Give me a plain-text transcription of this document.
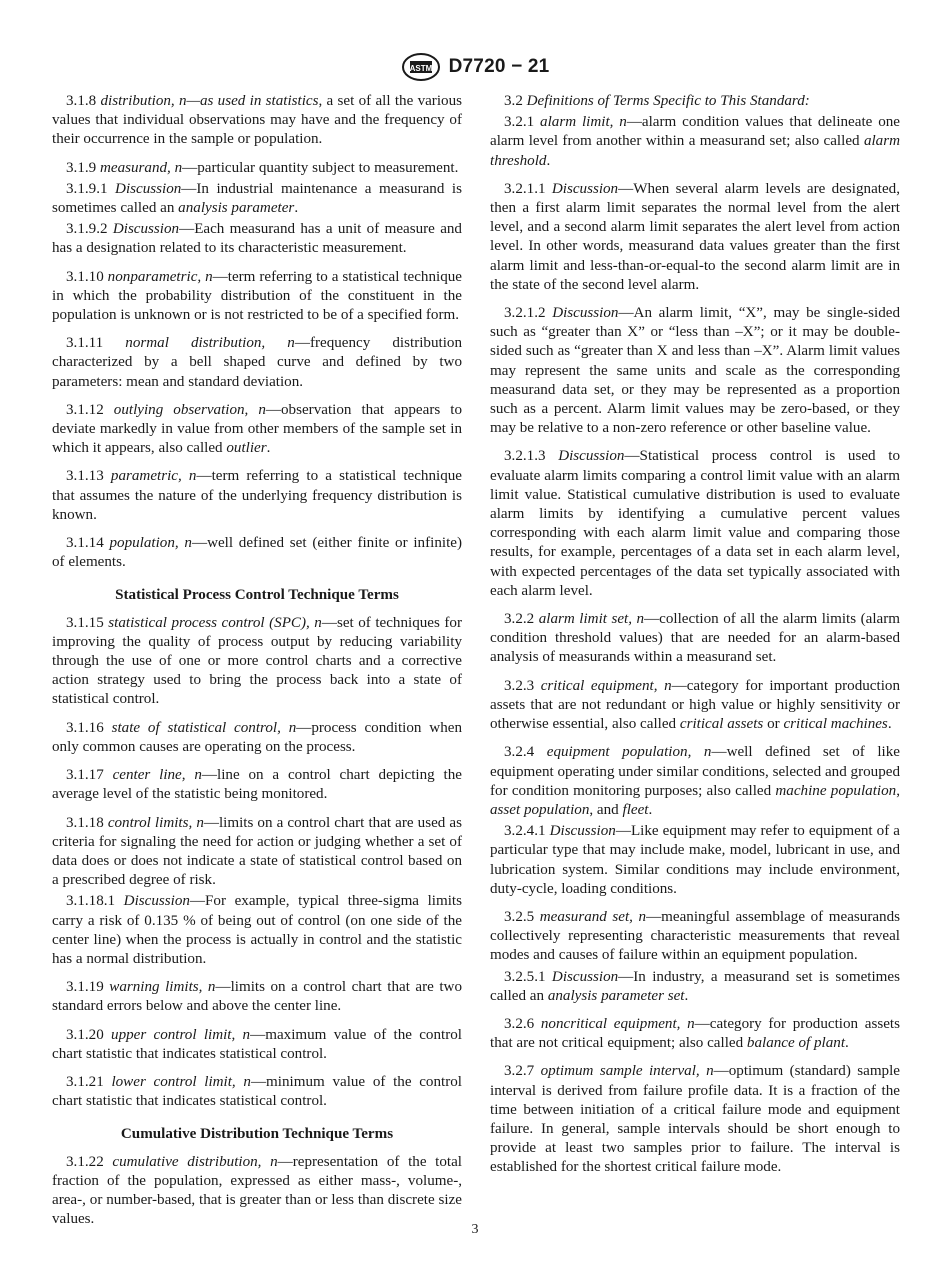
ASTM D7720 − 21

3.1.8 distribution, n—as used in statistics, a set of all the various values that individual observations may have and the frequency of their occurrence in the sample or population.

3.1.9 measurand, n—particular quantity subject to measurement.

3.1.9.1 Discussion—In industrial maintenance a measurand is sometimes called an analysis parameter.

3.1.9.2 Discussion—Each measurand has a unit of measure and has a designation related to its characteristic measurement.

3.1.10 nonparametric, n—term referring to a statistical technique in which the probability distribution of the constituent in the population is unknown or is not restricted to be of a specified form.

3.1.11 normal distribution, n—frequency distribution characterized by a bell shaped curve and defined by two parameters: mean and standard deviation.

3.1.12 outlying observation, n—observation that appears to deviate markedly in value from other members of the sample set in which it appears, also called outlier.

3.1.13 parametric, n—term referring to a statistical technique that assumes the nature of the underlying frequency distribution is known.

3.1.14 population, n—well defined set (either finite or infinite) of elements.

Statistical Process Control Technique Terms

3.1.15 statistical process control (SPC), n—set of techniques for improving the quality of process output by reducing variability through the use of one or more control charts and a corrective action strategy used to bring the process back into a state of statistical control.

3.1.16 state of statistical control, n—process condition when only common causes are operating on the process.

3.1.17 center line, n—line on a control chart depicting the average level of the statistic being monitored.

3.1.18 control limits, n—limits on a control chart that are used as criteria for signaling the need for action or judging whether a set of data does or does not indicate a state of statistical control based on a prescribed degree of risk.

3.1.18.1 Discussion—For example, typical three-sigma limits carry a risk of 0.135 % of being out of control (on one side of the center line) when the process is actually in control and the statistic has a normal distribution.

3.1.19 warning limits, n—limits on a control chart that are two standard errors below and above the center line.

3.1.20 upper control limit, n—maximum value of the control chart statistic that indicates statistical control.

3.1.21 lower control limit, n—minimum value of the control chart statistic that indicates statistical control.

Cumulative Distribution Technique Terms

3.1.22 cumulative distribution, n—representation of the total fraction of the population, expressed as either mass-, volume-, area-, or number-based, that is greater than or less than discrete size values.

3.2 Definitions of Terms Specific to This Standard:

3.2.1 alarm limit, n—alarm condition values that delineate one alarm level from another within a measurand set; also called alarm threshold.

3.2.1.1 Discussion—When several alarm levels are designated, then a first alarm limit separates the normal level from the alert level, and a second alarm limit separates the alert level from action level. In other words, measurand data values greater than the first alarm limit and less-than-or-equal-to the second alarm limit are in the state of the second level alarm.

3.2.1.2 Discussion—An alarm limit, “X”, may be single-sided such as “greater than X” or “less than –X”; or it may be double-sided such as “greater than X and less than –X”. Alarm limit values may represent the same units and scale as the corresponding measurand data set, or they may be represented as a proportion such as a percent. Alarm limit values may be zero-based, or they may be relative to a non-zero reference or other baseline value.

3.2.1.3 Discussion—Statistical process control is used to evaluate alarm limits comparing a control limit value with an alarm limit value. Statistical cumulative distribution is used to evaluate alarm limits by identifying a cumulative percent values corresponding with each alarm limit value and comparing those results, for example, percentages of a data set in each alarm level, with expected percentages of the data set typically associated with each alarm level.

3.2.2 alarm limit set, n—collection of all the alarm limits (alarm condition threshold values) that are needed for an alarm-based analysis of measurands within a measurand set.

3.2.3 critical equipment, n—category for important production assets that are not redundant or high value or highly sensitivity or otherwise essential, also called critical assets or critical machines.

3.2.4 equipment population, n—well defined set of like equipment operating under similar conditions, selected and grouped for condition monitoring purposes; also called machine population, asset population, and fleet.

3.2.4.1 Discussion—Like equipment may refer to equipment of a particular type that may include make, model, lubricant in use, and lubrication system. Similar conditions may include environment, duty-cycle, loading conditions.

3.2.5 measurand set, n—meaningful assemblage of measurands collectively representing characteristic measurements that reveal modes and causes of failure within an equipment population.

3.2.5.1 Discussion—In industry, a measurand set is sometimes called an analysis parameter set.

3.2.6 noncritical equipment, n—category for production assets that are not critical equipment; also called balance of plant.

3.2.7 optimum sample interval, n—optimum (standard) sample interval is derived from failure profile data. It is a fraction of the time between initiation of a critical failure mode and equipment failure. In general, sample intervals should be short enough to provide at least two samples prior to failure. The interval is established for the shortest critical failure mode.

3
